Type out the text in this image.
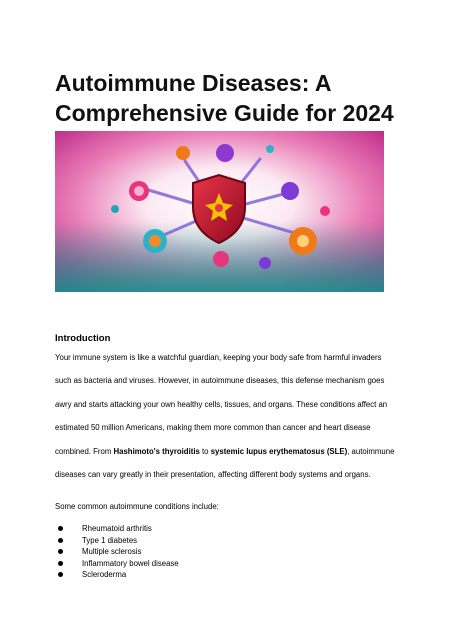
Autoimmune Diseases: A Comprehensive Guide for 2024
Introduction

Your immune system is like a watchful guardian, keeping your body safe from harmful invaders such as bacteria and viruses. However, in autoimmune diseases, this defense mechanism goes awry and starts attacking your own healthy cells, tissues, and organs. These conditions affect an estimated 50 million Americans, making them more common than cancer and heart disease combined. From Hashimoto's thyroiditis to systemic lupus erythematosus (SLE), autoimmune diseases can vary greatly in their presentation, affecting different body systems and organs.

Some common autoimmune conditions include:
Rheumatoid arthritis
Type 1 diabetes
Multiple sclerosis
Inflammatory bowel disease
Scleroderma
